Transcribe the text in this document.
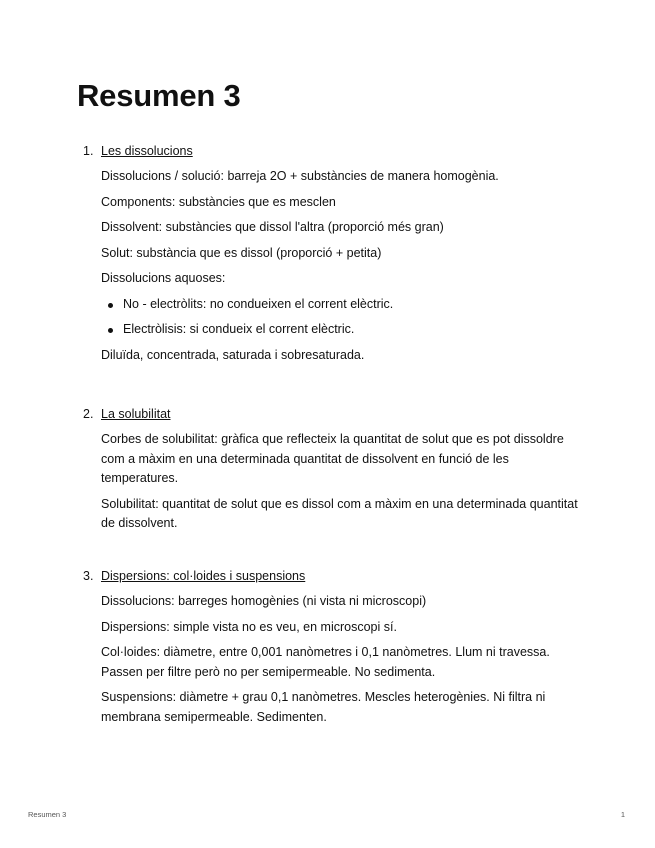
Resumen 3
1. Les dissolucions

Dissolucions / solució: barreja 2O + substàncies de manera homogènia.

Components: substàncies que es mesclen

Dissolvent: substàncies que dissol l'altra (proporció més gran)

Solut: substància que es dissol (proporció + petita)

Dissolucions aquoses:

No - electròlits: no condueixen el corrent elèctric.
Electròlisis: si condueix el corrent elèctric.

Diluïda, concentrada, saturada i sobresaturada.

2. La solubilitat

Corbes de solubilitat: gràfica que reflecteix la quantitat de solut que es pot dissoldre com a màxim en una determinada quantitat de dissolvent en funció de les temperatures.

Solubilitat: quantitat de solut que es dissol com a màxim en una determinada quantitat de dissolvent.

3. Dispersions: col·loides i suspensions

Dissolucions: barreges homogènies (ni vista ni microscopi)

Dispersions: simple vista no es veu, en microscopi sí.

Col·loides: diàmetre, entre 0,001 nanòmetres i 0,1 nanòmetres. Llum ni travessa. Passen per filtre però no per semipermeable. No sedimenta.

Suspensions: diàmetre + grau 0,1 nanòmetres. Mescles heterogènies. Ni filtra ni membrana semipermeable. Sedimenten.

Resumen 3	1
